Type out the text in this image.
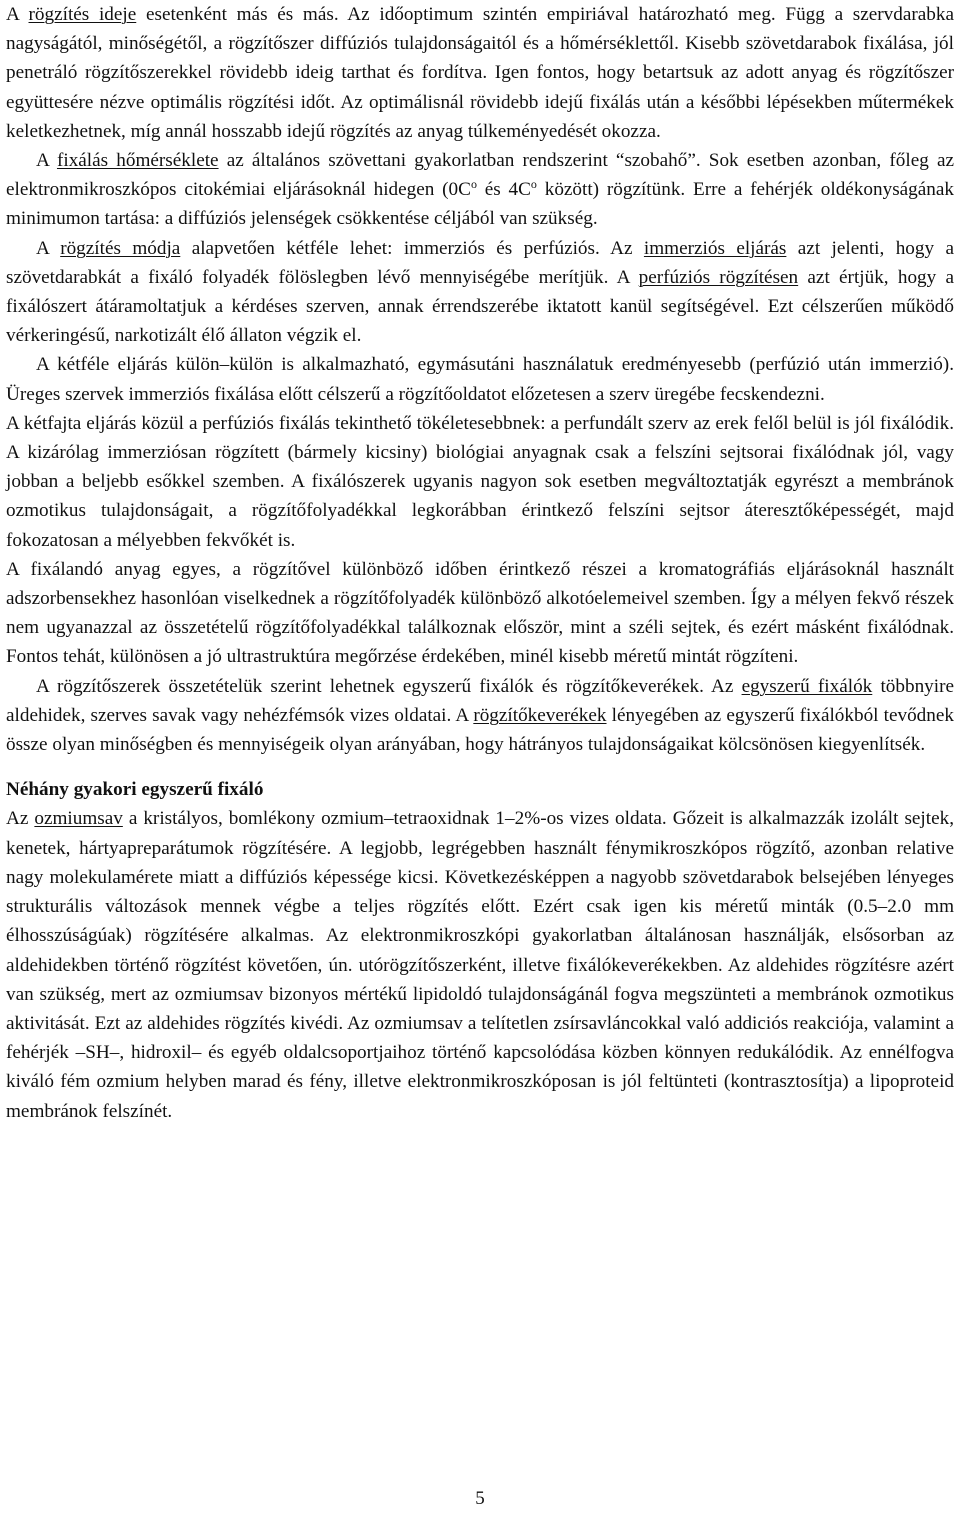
A rögzítés ideje esetenként más és más. Az időoptimum szintén empiriával határozható meg. Függ a szervdarabka nagyságától, minőségétől, a rögzítőszer diffúziós tulajdonságaitól és a hőmérséklettől. Kisebb szövetdarabok fixálása, jól penetráló rögzítőszerekkel rövidebb ideig tarthat és fordítva. Igen fontos, hogy betartsuk az adott anyag és rögzítőszer együttesére nézve optimális rögzítési időt. Az optimálisnál rövidebb idejű fixálás után a későbbi lépésekben műtermékek keletkezhetnek, míg annál hosszabb idejű rögzítés az anyag túlkeményedését okozza.

A fixálás hőmérséklete az általános szövettani gyakorlatban rendszerint “szobahő”. Sok esetben azonban, főleg az elektronmikroszkópos citokémiai eljárásoknál hidegen ($0C^o$ és $4C^o$ között) rögzítünk. Erre a fehérjék oldékonyságának minimumon tartása: a diffúziós jelenségek csökkentése céljából van szükség.

A rögzítés módja alapvetően kétféle lehet: immerziós és perfúziós. Az immerziós eljárás azt jelenti, hogy a szövetdarabkát a fixáló folyadék fölöslegben lévő mennyiségébe merítjük. A perfúziós rögzítésen azt értjük, hogy a fixálószert átáramoltatjuk a kérdéses szerven, annak érrendszerébe iktatott kanül segítségével. Ezt célszerűen működő vérkeringésű, narkotizált élő állaton végzik el.

A kétféle eljárás külön–külön is alkalmazható, egymásutáni használatuk eredményesebb (perfúzió után immerzió). Üreges szervek immerziós fixálása előtt célszerű a rögzítőoldatot előzetesen a szerv üregébe fecskendezni.

A kétfajta eljárás közül a perfúziós fixálás tekinthető tökéletesebbnek: a perfundált szerv az erek felől belül is jól fixálódik. A kizárólag immerziósan rögzített (bármely kicsiny) biológiai anyagnak csak a felszíni sejtsorai fixálódnak jól, vagy jobban a beljebb esőkkel szemben. A fixálószerek ugyanis nagyon sok esetben megváltoztatják egyrészt a membránok ozmotikus tulajdonságait, a rögzítőfolyadékkal legkorábban érintkező felszíni sejtsor áteresztőképességét, majd fokozatosan a mélyebben fekvőkét is.

A fixálandó anyag egyes, a rögzítővel különböző időben érintkező részei a kromatográfiás eljárásoknál használt adszorbensekhez hasonlóan viselkednek a rögzítőfolyadék különböző alkotóelemeivel szemben. Így a mélyen fekvő részek nem ugyanazzal az összetételű rögzítőfolyadékkal találkoznak először, mint a széli sejtek, és ezért másként fixálódnak. Fontos tehát, különösen a jó ultrastruktúra megőrzése érdekében, minél kisebb méretű mintát rögzíteni.

A rögzítőszerek összetételük szerint lehetnek egyszerű fixálók és rögzítőkeverékek. Az egyszerű fixálók többnyire aldehidek, szerves savak vagy nehézfémsók vizes oldatai. A rögzítőkeverékek lényegében az egyszerű fixálókból tevődnek össze olyan minőségben és mennyiségeik olyan arányában, hogy hátrányos tulajdonságaikat kölcsönösen kiegyenlítsék.

Néhány gyakori egyszerű fixáló

Az ozmiumsav a kristályos, bomlékony ozmium–tetraoxidnak 1–2%-os vizes oldata. Gőzeit is alkalmazzák izolált sejtek, kenetek, hártyapreparátumok rögzítésére. A legjobb, legrégebben használt fénymikroszkópos rögzítő, azonban relative nagy molekulamérete miatt a diffúziós képessége kicsi. Következésképpen a nagyobb szövetdarabok belsejében lényeges strukturális változások mennek végbe a teljes rögzítés előtt. Ezért csak igen kis méretű minták (0.5–2.0 mm élhosszúságúak) rögzítésére alkalmas. Az elektronmikroszkópi gyakorlatban általánosan használják, elsősorban az aldehidekben történő rögzítést követően, ún. utórögzítőszerként, illetve fixálókeverékekben. Az aldehides rögzítésre azért van szükség, mert az ozmiumsav bizonyos mértékű lipidoldó tulajdonságánál fogva megszünteti a membránok ozmotikus aktivitását. Ezt az aldehides rögzítés kivédi. Az ozmiumsav a telítetlen zsírsavláncokkal való addiciós reakciója, valamint a fehérjék –SH–, hidroxil– és egyéb oldalcsoportjaihoz történő kapcsolódása közben könnyen redukálódik. Az ennélfogva kiváló fém ozmium helyben marad és fény, illetve elektronmikroszkóposan is jól feltünteti (kontrasztosítja) a lipoproteid membránok felszínét.

5
